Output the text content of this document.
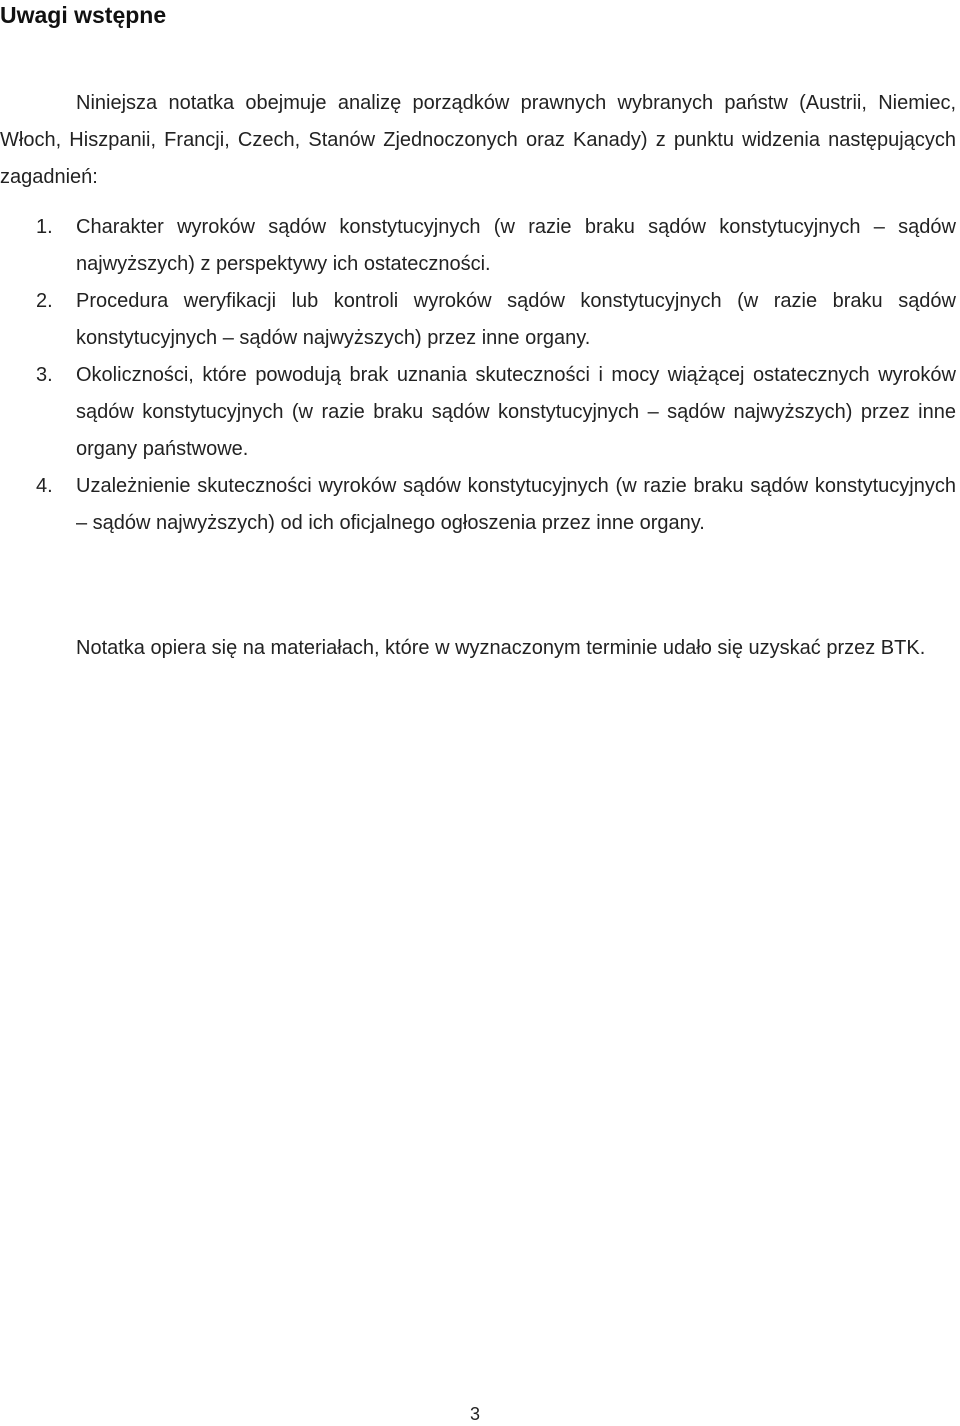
Uwagi wstępne

Niniejsza notatka obejmuje analizę porządków prawnych wybranych państw (Austrii, Niemiec, Włoch, Hiszpanii, Francji, Czech, Stanów Zjednoczonych oraz Kanady) z punktu widzenia następujących zagadnień:

1. Charakter wyroków sądów konstytucyjnych (w razie braku sądów konstytucyjnych – sądów najwyższych) z perspektywy ich ostateczności.
2. Procedura weryfikacji lub kontroli wyroków sądów konstytucyjnych (w razie braku sądów konstytucyjnych – sądów najwyższych) przez inne organy.
3. Okoliczności, które powodują brak uznania skuteczności i mocy wiążącej ostatecznych wyroków sądów konstytucyjnych (w razie braku sądów konstytucyjnych – sądów najwyższych) przez inne organy państwowe.
4. Uzależnienie skuteczności wyroków sądów konstytucyjnych (w razie braku sądów konstytucyjnych – sądów najwyższych) od ich oficjalnego ogłoszenia przez inne organy.

Notatka opiera się na materiałach, które w wyznaczonym terminie udało się uzyskać przez BTK.

3
